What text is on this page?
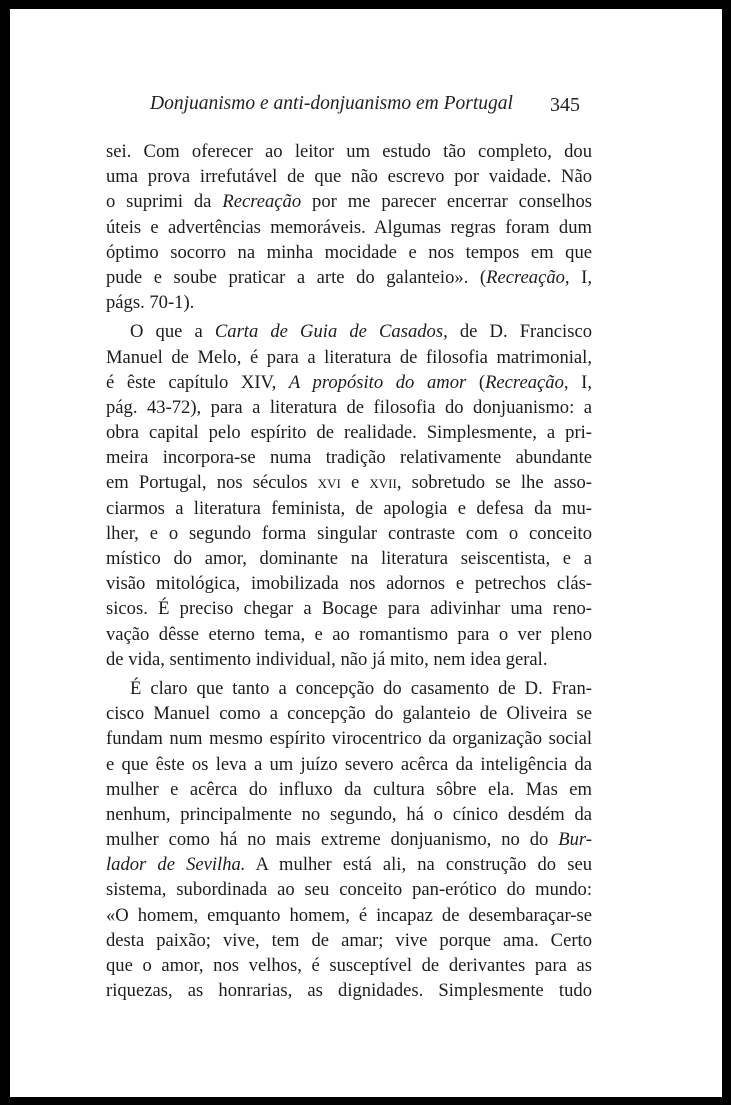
Donjuanismo e anti-donjuanismo em Portugal	345
sei. Com oferecer ao leitor um estudo tão completo, dou
uma prova irrefutável de que não escrevo por vaidade. Não
o suprimi da Recreação por me parecer encerrar conselhos
úteis e advertências memoráveis. Algumas regras foram dum
óptimo socorro na minha mocidade e nos tempos em que
pude e soube praticar a arte do galanteio». (Recreação, I,
págs. 70-1).
O que a Carta de Guia de Casados, de D. Francisco
Manuel de Melo, é para a literatura de filosofia matrimonial,
é êste capítulo XIV, A propósito do amor (Recreação, I,
pág. 43-72), para a literatura de filosofia do donjuanismo: a
obra capital pelo espírito de realidade. Simplesmente, a pri-
meira incorpora-se numa tradição relativamente abundante
em Portugal, nos séculos xvi e xvii, sobretudo se lhe asso-
ciarmos a literatura feminista, de apologia e defesa da mu-
lher, e o segundo forma singular contraste com o conceito
místico do amor, dominante na literatura seiscentista, e a
visão mitológica, imobilizada nos adornos e petrechos clás-
sicos. É preciso chegar a Bocage para adivinhar uma reno-
vação dêsse eterno tema, e ao romantismo para o ver pleno
de vida, sentimento individual, não já mito, nem idea geral.
É claro que tanto a concepção do casamento de D. Fran-
cisco Manuel como a concepção do galanteio de Oliveira se
fundam num mesmo espírito virocentrico da organização social
e que êste os leva a um juízo severo acêrca da inteligência da
mulher e acêrca do influxo da cultura sôbre ela. Mas em
nenhum, principalmente no segundo, há o cínico desdém da
mulher como há no mais extreme donjuanismo, no do Bur-
lador de Sevilha. A mulher está ali, na construção do seu
sistema, subordinada ao seu conceito pan-erótico do mundo:
«O homem, emquanto homem, é incapaz de desembaraçar-se
desta paixão; vive, tem de amar; vive porque ama. Certo
que o amor, nos velhos, é susceptível de derivantes para as
riquezas, as honrarias, as dignidades. Simplesmente tudo
